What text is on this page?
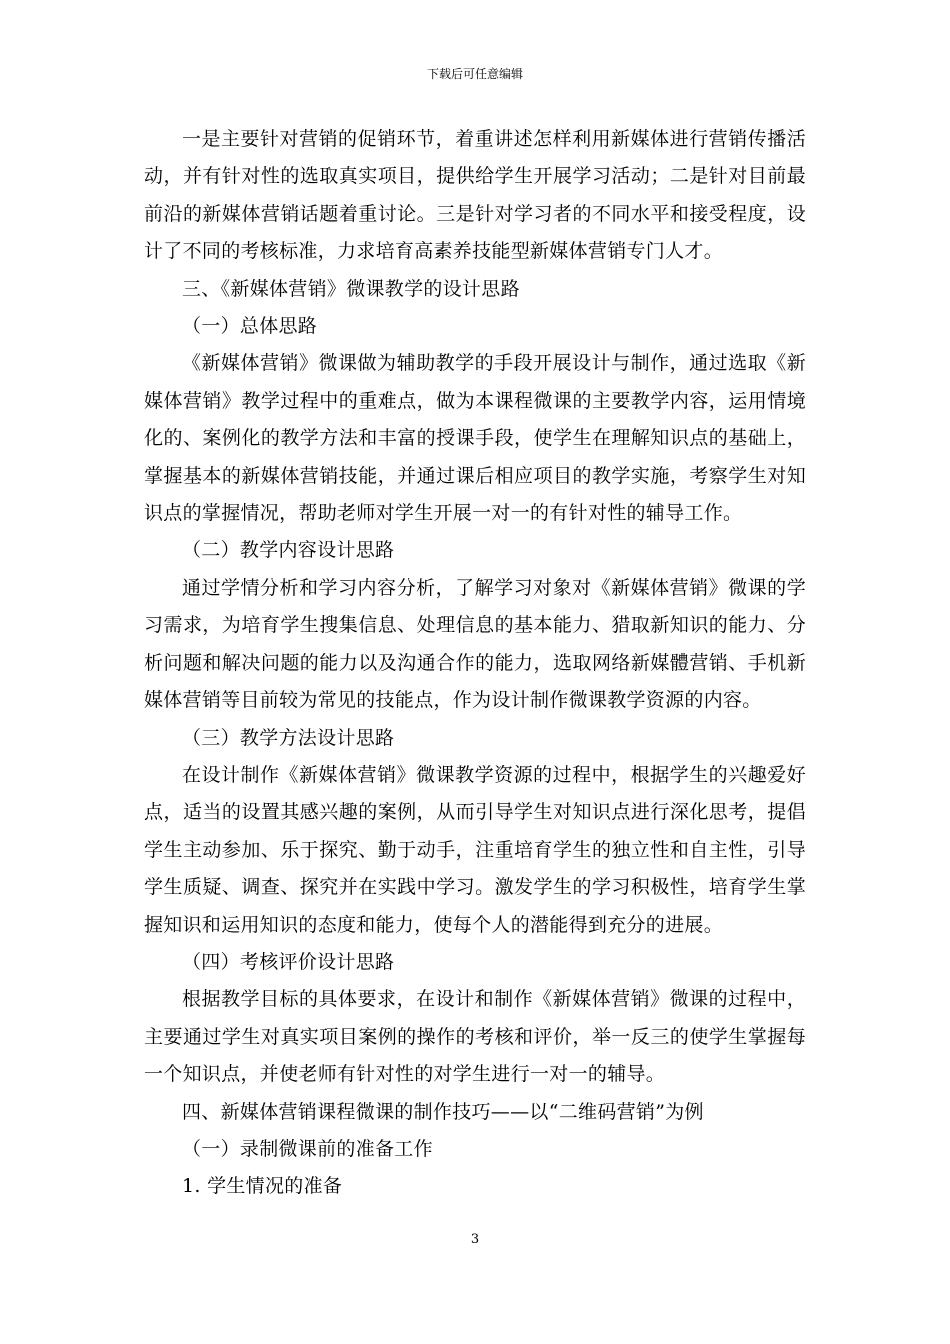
下载后可任意编辑

一是主要针对营销的促销环节，着重讲述怎样利用新媒体进行营销传播活动，并有针对性的选取真实项目，提供给学生开展学习活动；二是针对目前最前沿的新媒体营销话题着重讨论。三是针对学习者的不同水平和接受程度，设计了不同的考核标准，力求培育高素养技能型新媒体营销专门人才。

三、《新媒体营销》微课教学的设计思路

（一）总体思路

《新媒体营销》微课做为辅助教学的手段开展设计与制作，通过选取《新媒体营销》教学过程中的重难点，做为本课程微课的主要教学内容，运用情境化的、案例化的教学方法和丰富的授课手段，使学生在理解知识点的基础上，掌握基本的新媒体营销技能，并通过课后相应项目的教学实施，考察学生对知识点的掌握情况，帮助老师对学生开展一对一的有针对性的辅导工作。

（二）教学内容设计思路

通过学情分析和学习内容分析，了解学习对象对《新媒体营销》微课的学习需求，为培育学生搜集信息、处理信息的基本能力、猎取新知识的能力、分析问题和解决问题的能力以及沟通合作的能力，选取网络新媒體营销、手机新媒体营销等目前较为常见的技能点，作为设计制作微课教学资源的内容。

（三）教学方法设计思路

在设计制作《新媒体营销》微课教学资源的过程中，根据学生的兴趣爱好点，适当的设置其感兴趣的案例，从而引导学生对知识点进行深化思考，提倡学生主动参加、乐于探究、勤于动手，注重培育学生的独立性和自主性，引导学生质疑、调查、探究并在实践中学习。激发学生的学习积极性，培育学生掌握知识和运用知识的态度和能力，使每个人的潜能得到充分的进展。

（四）考核评价设计思路

根据教学目标的具体要求，在设计和制作《新媒体营销》微课的过程中，主要通过学生对真实项目案例的操作的考核和评价，举一反三的使学生掌握每一个知识点，并使老师有针对性的对学生进行一对一的辅导。

四、新媒体营销课程微课的制作技巧——以“二维码营销”为例

（一）录制微课前的准备工作

1. 学生情况的准备

3
